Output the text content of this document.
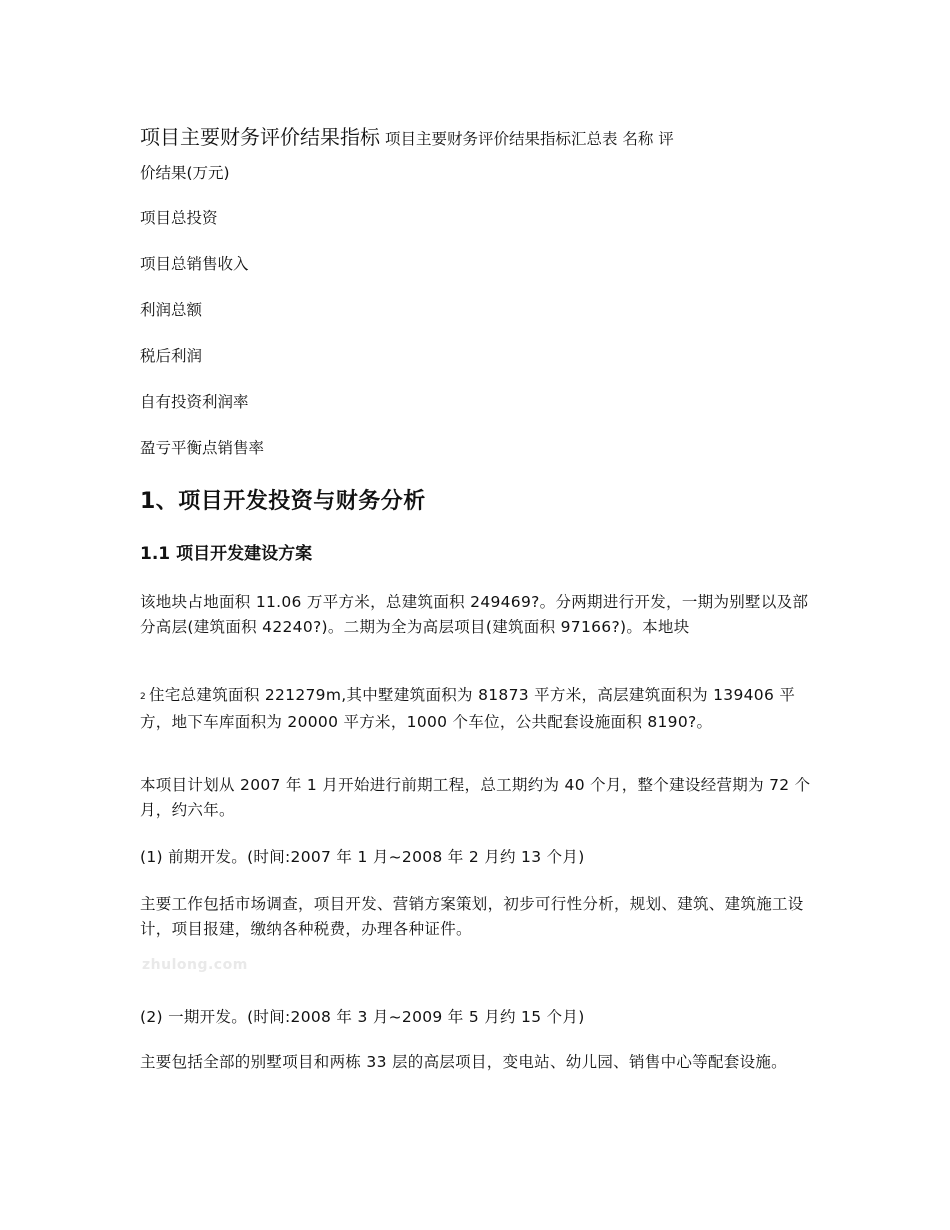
项目主要财务评价结果指标 项目主要财务评价结果指标汇总表 名称 评

价结果(万元)

项目总投资

项目总销售收入

利润总额

税后利润

自有投资利润率

盈亏平衡点销售率

1、项目开发投资与财务分析
1.1 项目开发建设方案

该地块占地面积 11.06 万平方米，总建筑面积 249469?。分两期进行开发，一期为别墅以及部分高层(建筑面积 42240?)。二期为全为高层项目(建筑面积 97166?)。本地块

2 住宅总建筑面积 221279m,其中墅建筑面积为 81873 平方米，高层建筑面积为 139406 平方，地下车库面积为 20000 平方米，1000 个车位，公共配套设施面积 8190?。

本项目计划从 2007 年 1 月开始进行前期工程，总工期约为 40 个月，整个建设经营期为 72 个月，约六年。

(1) 前期开发。(时间:2007 年 1 月~2008 年 2 月约 13 个月)

主要工作包括市场调查，项目开发、营销方案策划，初步可行性分析，规划、建筑、建筑施工设计，项目报建，缴纳各种税费，办理各种证件。

(2) 一期开发。(时间:2008 年 3 月~2009 年 5 月约 15 个月)

主要包括全部的别墅项目和两栋 33 层的高层项目，变电站、幼儿园、销售中心等配套设施。

zhulong.com
